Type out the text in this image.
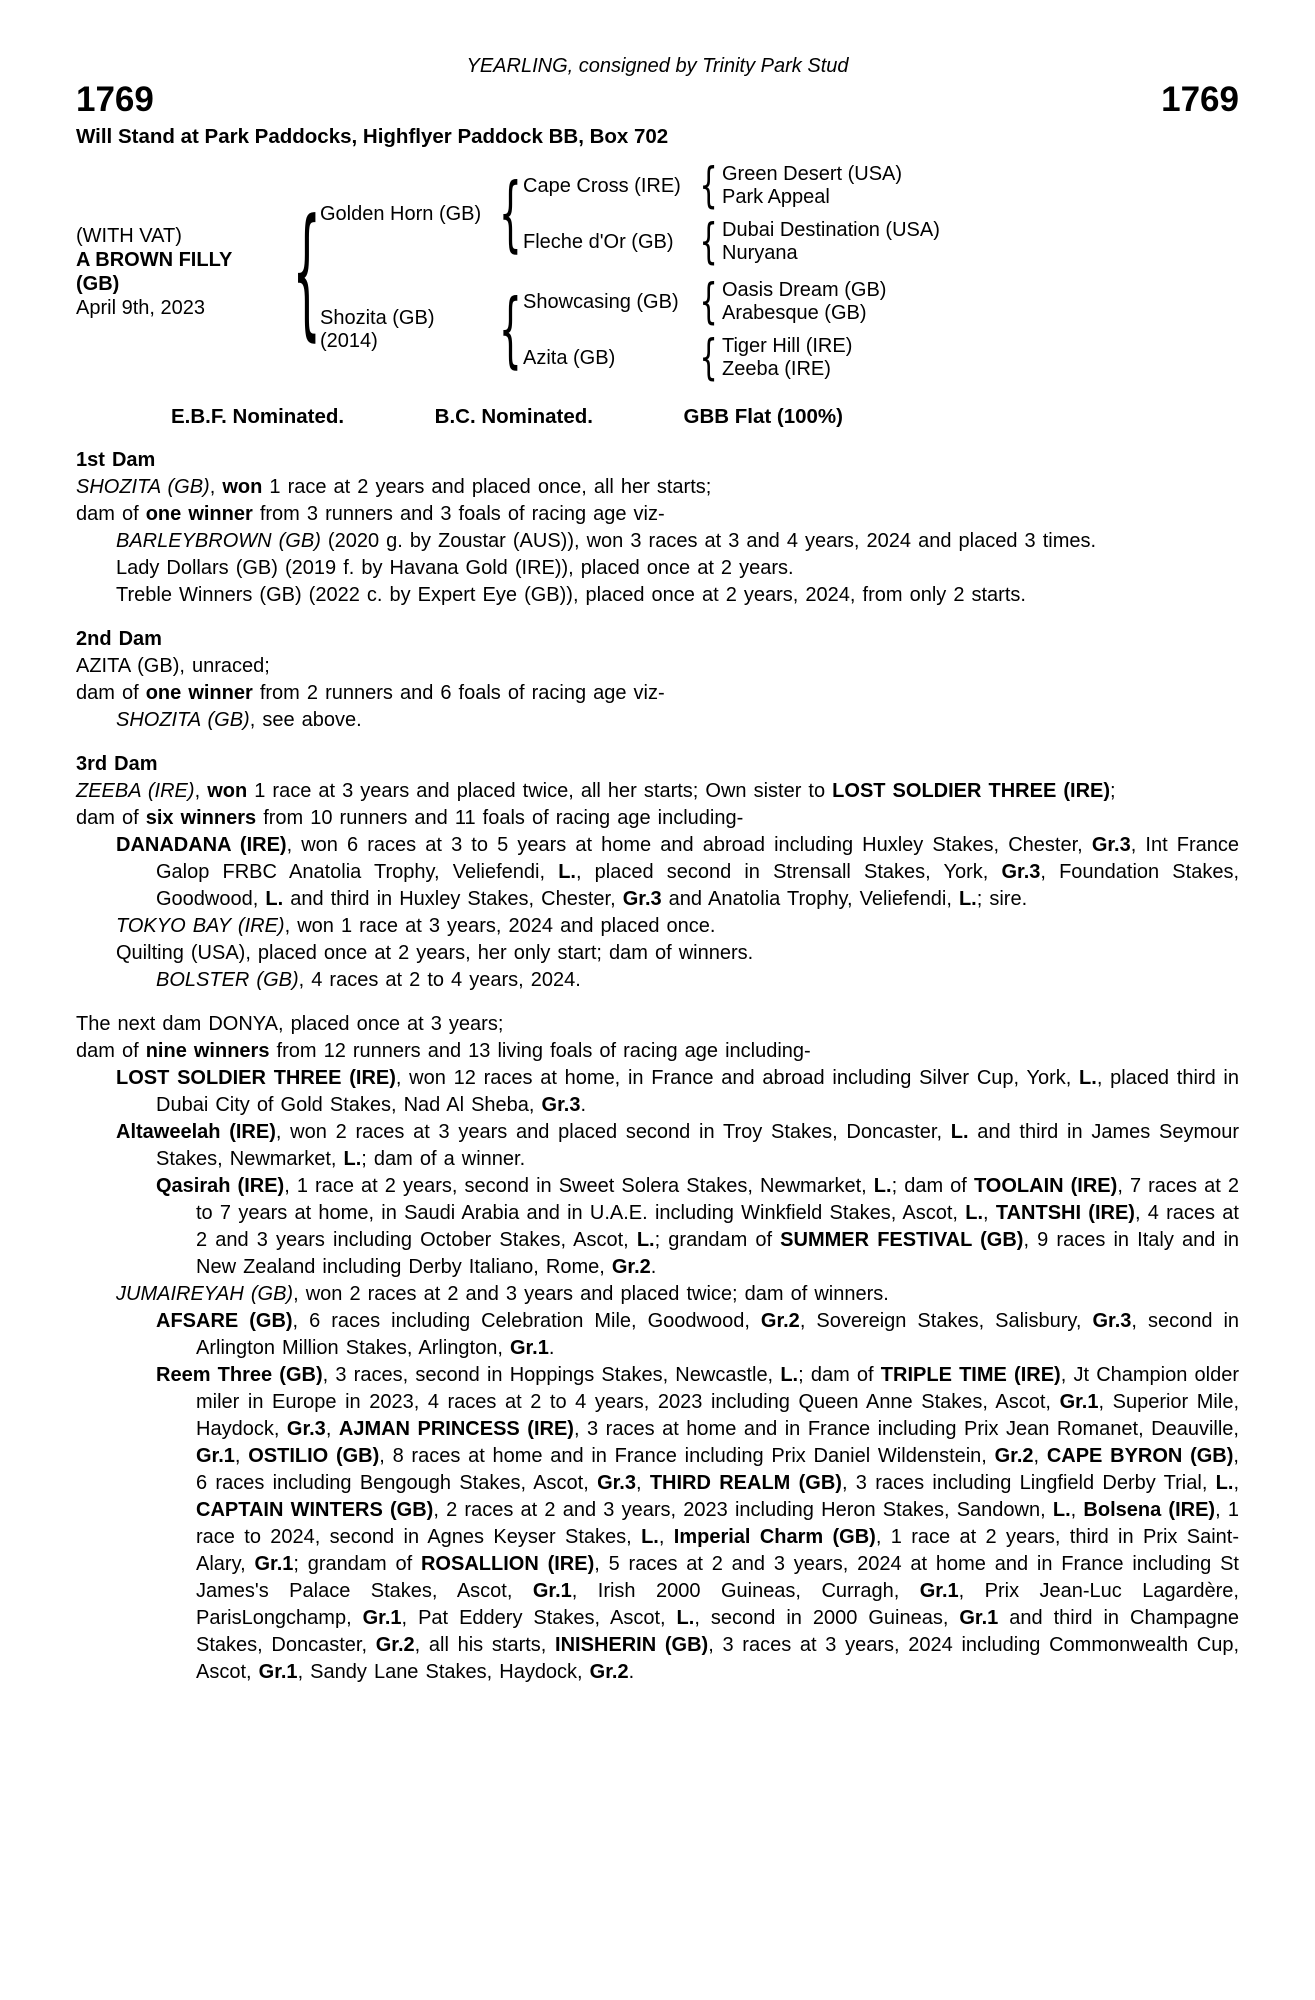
YEARLING, consigned by Trinity Park Stud
1769	1769
Will Stand at Park Paddocks, Highflyer Paddock BB, Box 702
(WITH VAT)
A BROWN FILLY
(GB)
April 9th, 2023
{
Golden Horn (GB)
{
Cape Cross (IRE)
{
Green Desert (USA)
Park Appeal
Fleche d'Or (GB)
{
Dubai Destination (USA)
Nuryana
Shozita (GB)
(2014)
{
Showcasing (GB)
{
Oasis Dream (GB)
Arabesque (GB)
Azita (GB)
{
Tiger Hill (IRE)
Zeeba (IRE)
E.B.F. Nominated.	B.C. Nominated.	GBB Flat (100%)
1st Dam

SHOZITA (GB), won 1 race at 2 years and placed once, all her starts;

dam of one winner from 3 runners and 3 foals of racing age viz-

BARLEYBROWN (GB) (2020 g. by Zoustar (AUS)), won 3 races at 3 and 4 years, 2024 and placed 3 times.

Lady Dollars (GB) (2019 f. by Havana Gold (IRE)), placed once at 2 years.

Treble Winners (GB) (2022 c. by Expert Eye (GB)), placed once at 2 years, 2024, from only 2 starts.

2nd Dam

AZITA (GB), unraced;

dam of one winner from 2 runners and 6 foals of racing age viz-

SHOZITA (GB), see above.

3rd Dam

ZEEBA (IRE), won 1 race at 3 years and placed twice, all her starts; Own sister to LOST SOLDIER THREE (IRE);

dam of six winners from 10 runners and 11 foals of racing age including-

DANADANA (IRE), won 6 races at 3 to 5 years at home and abroad including Huxley Stakes, Chester, Gr.3, Int France Galop FRBC Anatolia Trophy, Veliefendi, L., placed second in Strensall Stakes, York, Gr.3, Foundation Stakes, Goodwood, L. and third in Huxley Stakes, Chester, Gr.3 and Anatolia Trophy, Veliefendi, L.; sire.

TOKYO BAY (IRE), won 1 race at 3 years, 2024 and placed once.

Quilting (USA), placed once at 2 years, her only start; dam of winners.

BOLSTER (GB), 4 races at 2 to 4 years, 2024.

The next dam DONYA, placed once at 3 years;

dam of nine winners from 12 runners and 13 living foals of racing age including-

LOST SOLDIER THREE (IRE), won 12 races at home, in France and abroad including Silver Cup, York, L., placed third in Dubai City of Gold Stakes, Nad Al Sheba, Gr.3.

Altaweelah (IRE), won 2 races at 3 years and placed second in Troy Stakes, Doncaster, L. and third in James Seymour Stakes, Newmarket, L.; dam of a winner.

Qasirah (IRE), 1 race at 2 years, second in Sweet Solera Stakes, Newmarket, L.; dam of TOOLAIN (IRE), 7 races at 2 to 7 years at home, in Saudi Arabia and in U.A.E. including Winkfield Stakes, Ascot, L., TANTSHI (IRE), 4 races at 2 and 3 years including October Stakes, Ascot, L.; grandam of SUMMER FESTIVAL (GB), 9 races in Italy and in New Zealand including Derby Italiano, Rome, Gr.2.

JUMAIREYAH (GB), won 2 races at 2 and 3 years and placed twice; dam of winners.

AFSARE (GB), 6 races including Celebration Mile, Goodwood, Gr.2, Sovereign Stakes, Salisbury, Gr.3, second in Arlington Million Stakes, Arlington, Gr.1.

Reem Three (GB), 3 races, second in Hoppings Stakes, Newcastle, L.; dam of TRIPLE TIME (IRE), Jt Champion older miler in Europe in 2023, 4 races at 2 to 4 years, 2023 including Queen Anne Stakes, Ascot, Gr.1, Superior Mile, Haydock, Gr.3, AJMAN PRINCESS (IRE), 3 races at home and in France including Prix Jean Romanet, Deauville, Gr.1, OSTILIO (GB), 8 races at home and in France including Prix Daniel Wildenstein, Gr.2, CAPE BYRON (GB), 6 races including Bengough Stakes, Ascot, Gr.3, THIRD REALM (GB), 3 races including Lingfield Derby Trial, L., CAPTAIN WINTERS (GB), 2 races at 2 and 3 years, 2023 including Heron Stakes, Sandown, L., Bolsena (IRE), 1 race to 2024, second in Agnes Keyser Stakes, L., Imperial Charm (GB), 1 race at 2 years, third in Prix Saint-Alary, Gr.1; grandam of ROSALLION (IRE), 5 races at 2 and 3 years, 2024 at home and in France including St James's Palace Stakes, Ascot, Gr.1, Irish 2000 Guineas, Curragh, Gr.1, Prix Jean-Luc Lagardère, ParisLongchamp, Gr.1, Pat Eddery Stakes, Ascot, L., second in 2000 Guineas, Gr.1 and third in Champagne Stakes, Doncaster, Gr.2, all his starts, INISHERIN (GB), 3 races at 3 years, 2024 including Commonwealth Cup, Ascot, Gr.1, Sandy Lane Stakes, Haydock, Gr.2.
